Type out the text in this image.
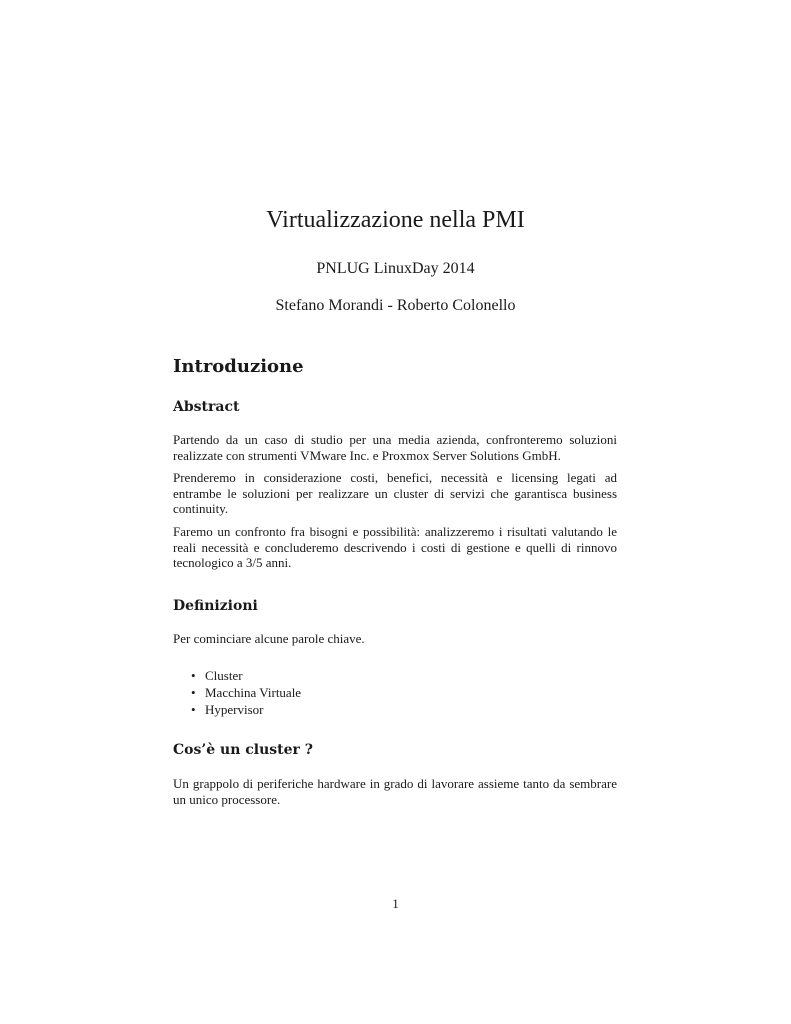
Virtualizzazione nella PMI
PNLUG LinuxDay 2014
Stefano Morandi - Roberto Colonello
Introduzione
Abstract
Partendo da un caso di studio per una media azienda, confronteremo soluzioni realizzate con strumenti VMware Inc. e Proxmox Server Solutions GmbH.
Prenderemo in considerazione costi, benefici, necessità e licensing legati ad entrambe le soluzioni per realizzare un cluster di servizi che garantisca business continuity.
Faremo un confronto fra bisogni e possibilità: analizzeremo i risultati valutando le reali necessità e concluderemo descrivendo i costi di gestione e quelli di rinnovo tecnologico a 3/5 anni.
Definizioni
Per cominciare alcune parole chiave.
• Cluster
• Macchina Virtuale
• Hypervisor
Cos’è un cluster ?
Un grappolo di periferiche hardware in grado di lavorare assieme tanto da sembrare un unico processore.
1
